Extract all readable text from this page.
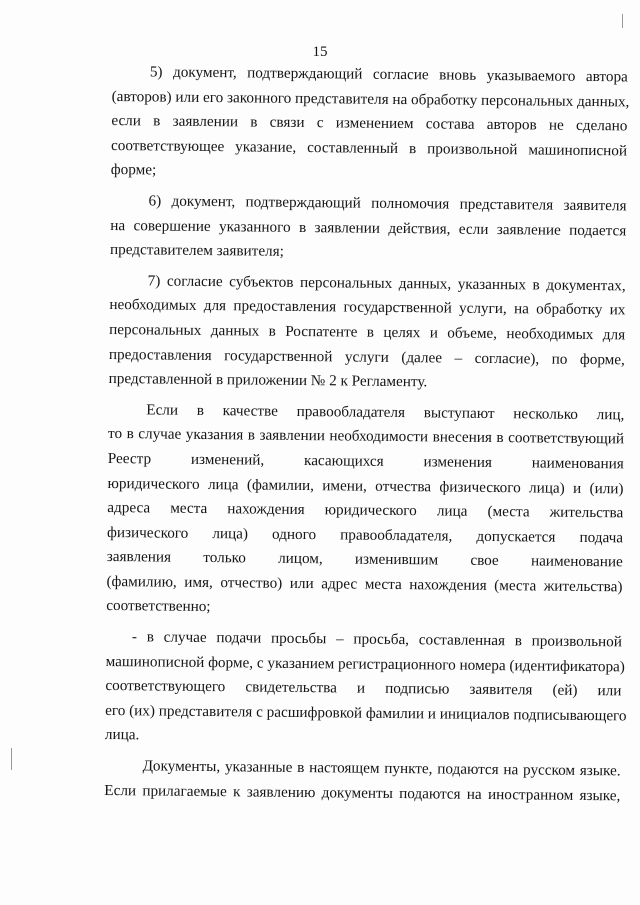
15
5) документ, подтверждающий согласие вновь указываемого автора
(авторов) или его законного представителя на обработку персональных данных,
если в заявлении в связи с изменением состава авторов не сделано
соответствующее указание, составленный в произвольной машинописной
форме;
6) документ, подтверждающий полномочия представителя заявителя
на совершение указанного в заявлении действия, если заявление подается
представителем заявителя;
7) согласие субъектов персональных данных, указанных в документах,
необходимых для предоставления государственной услуги, на обработку их
персональных данных в Роспатенте в целях и объеме, необходимых для
предоставления государственной услуги (далее – согласие), по форме,
представленной в приложении № 2 к Регламенту.
Если в качестве правообладателя выступают несколько лиц,
то в случае указания в заявлении необходимости внесения в соответствующий
Реестр изменений, касающихся изменения наименования
юридического лица (фамилии, имени, отчества физического лица) и (или)
адреса места нахождения юридического лица (места жительства
физического лица) одного правообладателя, допускается подача
заявления только лицом, изменившим свое наименование
(фамилию, имя, отчество) или адрес места нахождения (места жительства)
соответственно;
- в случае подачи просьбы – просьба, составленная в произвольной
машинописной форме, с указанием регистрационного номера (идентификатора)
соответствующего свидетельства и подписью заявителя (ей) или
его (их) представителя с расшифровкой фамилии и инициалов подписывающего
лица.
Документы, указанные в настоящем пункте, подаются на русском языке.
Если прилагаемые к заявлению документы подаются на иностранном языке,
